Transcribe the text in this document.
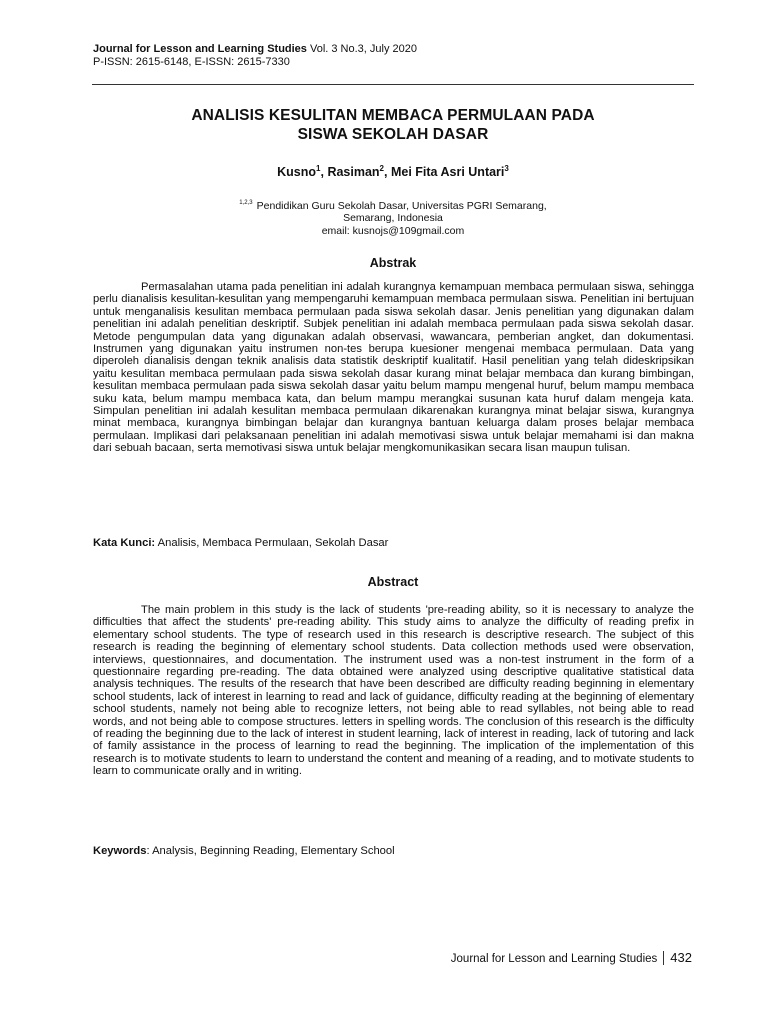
Journal for Lesson and Learning Studies Vol. 3 No.3, July 2020
P-ISSN: 2615-6148, E-ISSN: 2615-7330
ANALISIS KESULITAN MEMBACA PERMULAAN PADA
SISWA SEKOLAH DASAR
Kusno$^1$, Rasiman$^2$, Mei Fita Asri Untari$^3$
$^{1,2,3}$ Pendidikan Guru Sekolah Dasar, Universitas PGRI Semarang,
Semarang, Indonesia
email: kusnojs@109gmail.com
Abstrak

Permasalahan utama pada penelitian ini adalah kurangnya kemampuan membaca permulaan siswa, sehingga perlu dianalisis kesulitan-kesulitan yang mempengaruhi kemampuan membaca permulaan siswa. Penelitian ini bertujuan untuk menganalisis kesulitan membaca permulaan pada siswa sekolah dasar. Jenis penelitian yang digunakan dalam penelitian ini adalah penelitian deskriptif. Subjek penelitian ini adalah membaca permulaan pada siswa sekolah dasar. Metode pengumpulan data yang digunakan adalah observasi, wawancara, pemberian angket, dan dokumentasi. Instrumen yang digunakan yaitu instrumen non-tes berupa kuesioner mengenai membaca permulaan. Data yang diperoleh dianalisis dengan teknik analisis data statistik deskriptif kualitatif. Hasil penelitian yang telah dideskripsikan yaitu kesulitan membaca permulaan pada siswa sekolah dasar kurang minat belajar membaca dan kurang bimbingan, kesulitan membaca permulaan pada siswa sekolah dasar yaitu belum mampu mengenal huruf, belum mampu membaca suku kata, belum mampu membaca kata, dan belum mampu merangkai susunan kata huruf dalam mengeja kata. Simpulan penelitian ini adalah kesulitan membaca permulaan dikarenakan kurangnya minat belajar siswa, kurangnya minat membaca, kurangnya bimbingan belajar dan kurangnya bantuan keluarga dalam proses belajar membaca permulaan. Implikasi dari pelaksanaan penelitian ini adalah memotivasi siswa untuk belajar memahami isi dan makna dari sebuah bacaan, serta memotivasi siswa untuk belajar mengkomunikasikan secara lisan maupun tulisan.

Kata Kunci: Analisis, Membaca Permulaan, Sekolah Dasar
Abstract

The main problem in this study is the lack of students 'pre-reading ability, so it is necessary to analyze the difficulties that affect the students' pre-reading ability. This study aims to analyze the difficulty of reading prefix in elementary school students. The type of research used in this research is descriptive research. The subject of this research is reading the beginning of elementary school students. Data collection methods used were observation, interviews, questionnaires, and documentation. The instrument used was a non-test instrument in the form of a questionnaire regarding pre-reading. The data obtained were analyzed using descriptive qualitative statistical data analysis techniques. The results of the research that have been described are difficulty reading beginning in elementary school students, lack of interest in learning to read and lack of guidance, difficulty reading at the beginning of elementary school students, namely not being able to recognize letters, not being able to read syllables, not being able to read words, and not being able to compose structures. letters in spelling words. The conclusion of this research is the difficulty of reading the beginning due to the lack of interest in student learning, lack of interest in reading, lack of tutoring and lack of family assistance in the process of learning to read the beginning. The implication of the implementation of this research is to motivate students to learn to understand the content and meaning of a reading, and to motivate students to learn to communicate orally and in writing.

Keywords: Analysis, Beginning Reading, Elementary School
Journal for Lesson and Learning Studies 432
